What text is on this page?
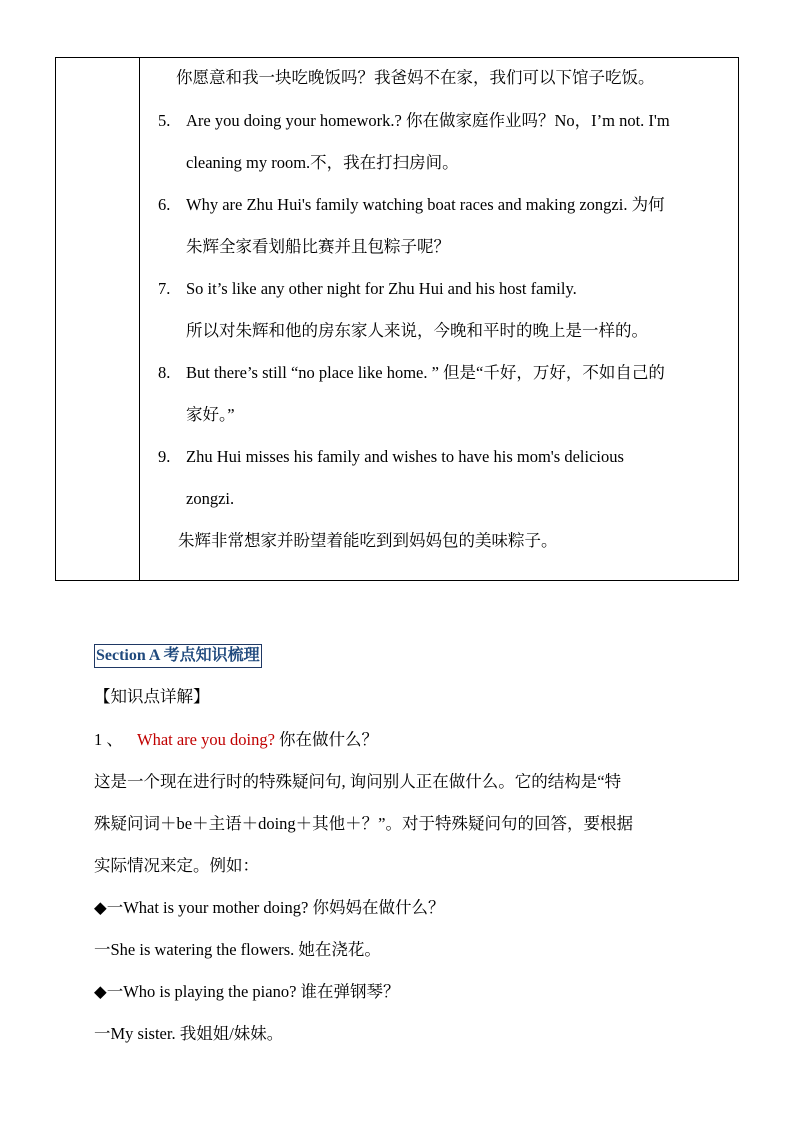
你愿意和我一块吃晚饭吗？我爸妈不在家，我们可以下馆子吃饭。
5. Are you doing your homework.? 你在做家庭作业吗？No，I’m not. I'm
cleaning my room.不，我在打扫房间。
6. Why are Zhu Hui's family watching boat races and making zongzi. 为何
朱辉全家看划船比赛并且包粽子呢？
7. So it’s like any other night for Zhu Hui and his host family.
所以对朱辉和他的房东家人来说，今晚和平时的晚上是一样的。
8. But there’s still “no place like home. ” 但是“千好，万好，不如自己的
家好。”
9. Zhu Hui misses his family and wishes to have his mom's delicious
zongzi.
朱辉非常想家并盼望着能吃到到妈妈包的美味粽子。
Section A 考点知识梳理
【知识点详解】
1 、 What are you doing? 你在做什么？
这是一个现在进行时的特殊疑问句, 询问别人正在做什么。它的结构是“特
殊疑问词＋be＋主语＋doing＋其他＋？”。对于特殊疑问句的回答，要根据
实际情况来定。例如：
◆一What is your mother doing? 你妈妈在做什么？
一She is watering the flowers. 她在浇花。
◆一Who is playing the piano? 谁在弹钢琴？
一My sister. 我姐姐/妹妹。
